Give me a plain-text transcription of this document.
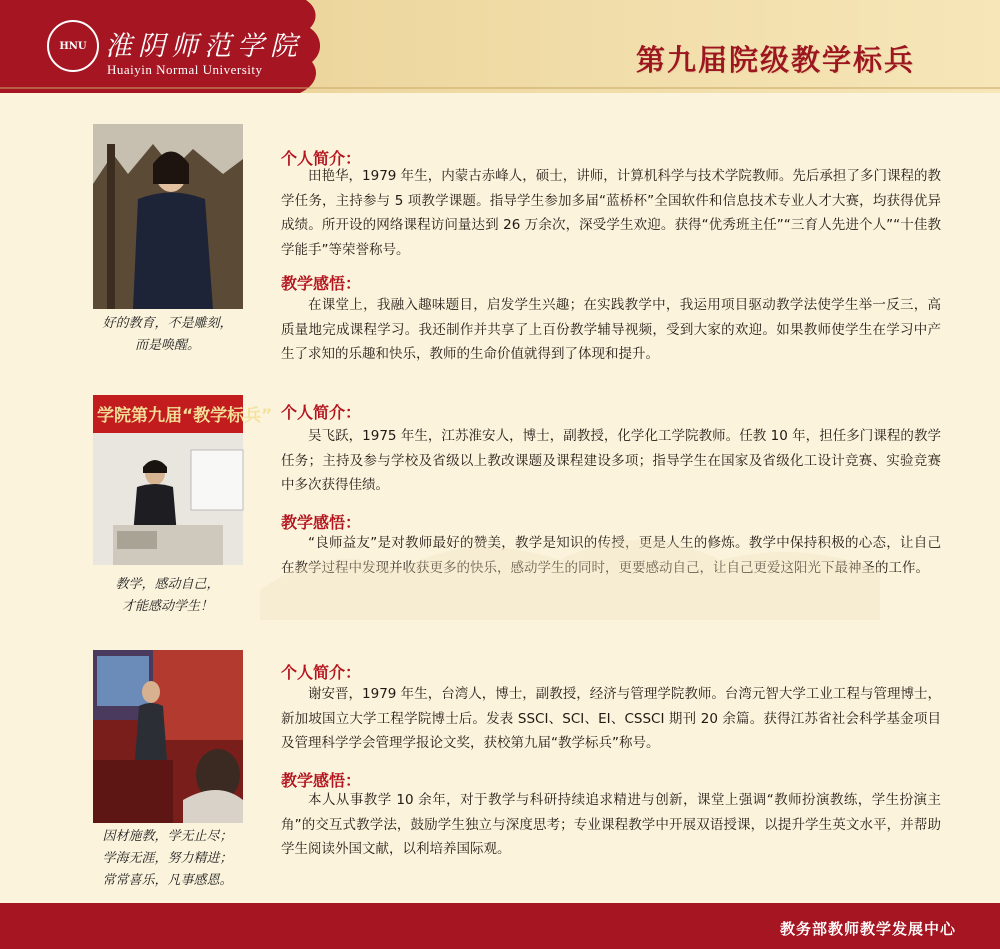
HNU 淮阴师范学院
Huaiyin Normal University	第九届院级教学标兵
好的教育，不是雕刻，
而是唤醒。
个人简介：
田艳华，1979 年生，内蒙古赤峰人，硕士，讲师，计算机科学与技术学院教师。先后承担了多门课程的教学任务，主持参与 5 项教学课题。指导学生参加多届“蓝桥杯”全国软件和信息技术专业人才大赛，均获得优异成绩。所开设的网络课程访问量达到 26 万余次，深受学生欢迎。获得“优秀班主任”“三育人先进个人”“十佳教学能手”等荣誉称号。
教学感悟：
在课堂上，我融入趣味题目，启发学生兴趣；在实践教学中，我运用项目驱动教学法使学生举一反三，高质量地完成课程学习。我还制作并共享了上百份教学辅导视频，受到大家的欢迎。如果教师使学生在学习中产生了求知的乐趣和快乐，教师的生命价值就得到了体现和提升。
学院第九届“教学标兵”
教学，感动自己，
才能感动学生！
个人简介：
吴飞跃，1975 年生，江苏淮安人，博士，副教授，化学化工学院教师。任教 10 年，担任多门课程的教学任务；主持及参与学校及省级以上教改课题及课程建设多项；指导学生在国家及省级化工设计竞赛、实验竞赛中多次获得佳绩。
教学感悟：
“良师益友”是对教师最好的赞美，教学是知识的传授，更是人生的修炼。教学中保持积极的心态，让自己在教学过程中发现并收获更多的快乐，感动学生的同时，更要感动自己，让自己更爱这阳光下最神圣的工作。
因材施教，学无止尽；
学海无涯，努力精进；
常常喜乐，凡事感恩。
个人简介：
谢安晋，1979 年生，台湾人，博士，副教授，经济与管理学院教师。台湾元智大学工业工程与管理博士，新加坡国立大学工程学院博士后。发表 SSCI、SCI、EI、CSSCI 期刊 20 余篇。获得江苏省社会科学基金项目及管理科学学会管理学报论文奖，获校第九届“教学标兵”称号。
教学感悟：
本人从事教学 10 余年，对于教学与科研持续追求精进与创新，课堂上强调“教师扮演教练，学生扮演主角”的交互式教学法，鼓励学生独立与深度思考；专业课程教学中开展双语授课，以提升学生英文水平，并帮助学生阅读外国文献，以利培养国际观。
教务部教师教学发展中心
